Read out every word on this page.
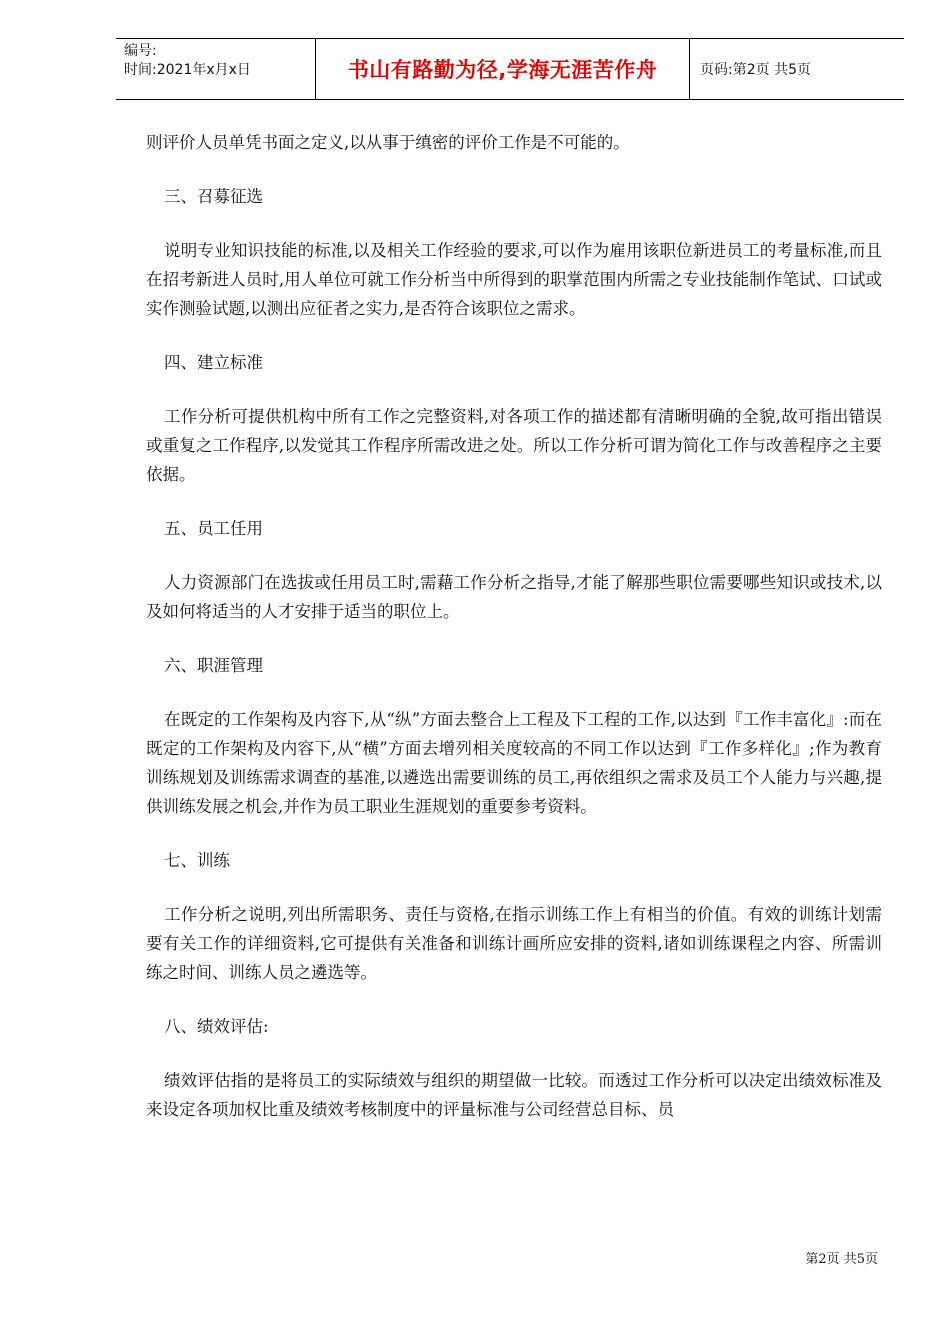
编号:
时间:2021年x月x日	书山有路勤为径,学海无涯苦作舟	页码:第2页 共5页

则评价人员单凭书面之定义,以从事于缜密的评价工作是不可能的。

三、召募征选

说明专业知识技能的标准,以及相关工作经验的要求,可以作为雇用该职位新进员工的考量标准,而且在招考新进人员时,用人单位可就工作分析当中所得到的职掌范围内所需之专业技能制作笔试、口试或实作测验试题,以测出应征者之实力,是否符合该职位之需求。

四、建立标准

工作分析可提供机构中所有工作之完整资料,对各项工作的描述都有清晰明确的全貌,故可指出错误或重复之工作程序,以发觉其工作程序所需改进之处。所以工作分析可谓为简化工作与改善程序之主要依据。

五、员工任用

人力资源部门在选拔或任用员工时,需藉工作分析之指导,才能了解那些职位需要哪些知识或技术,以及如何将适当的人才安排于适当的职位上。

六、职涯管理

在既定的工作架构及内容下,从“纵”方面去整合上工程及下工程的工作,以达到『工作丰富化』:而在既定的工作架构及内容下,从“横”方面去增列相关度较高的不同工作以达到『工作多样化』;作为教育训练规划及训练需求调查的基准,以遴选出需要训练的员工,再依组织之需求及员工个人能力与兴趣,提供训练发展之机会,并作为员工职业生涯规划的重要参考资料。

七、训练

工作分析之说明,列出所需职务、责任与资格,在指示训练工作上有相当的价值。有效的训练计划需要有关工作的详细资料,它可提供有关准备和训练计画所应安排的资料,诸如训练课程之内容、所需训练之时间、训练人员之遴选等。

八、绩效评估:

绩效评估指的是将员工的实际绩效与组织的期望做一比较。而透过工作分析可以决定出绩效标准及来设定各项加权比重及绩效考核制度中的评量标准与公司经营总目标、员

第2页 共5页
